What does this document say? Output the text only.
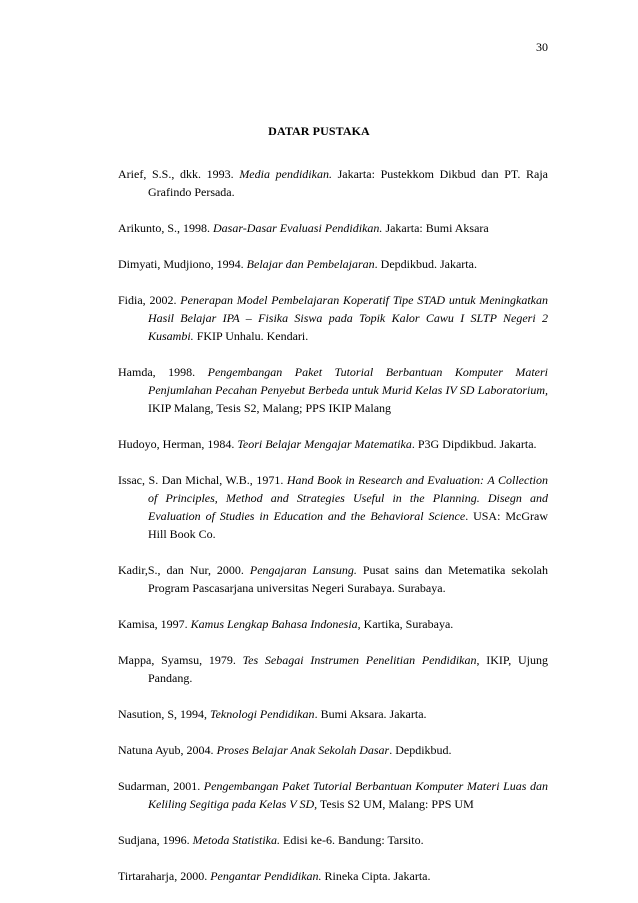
30
DATAR PUSTAKA

Arief, S.S., dkk. 1993. Media pendidikan. Jakarta: Pustekkom Dikbud dan PT. Raja Grafindo Persada.

Arikunto, S., 1998. Dasar-Dasar Evaluasi Pendidikan. Jakarta: Bumi Aksara

Dimyati, Mudjiono, 1994. Belajar dan Pembelajaran. Depdikbud. Jakarta.

Fidia, 2002. Penerapan Model Pembelajaran Koperatif Tipe STAD untuk Meningkatkan Hasil Belajar IPA – Fisika Siswa pada Topik Kalor Cawu I SLTP Negeri 2 Kusambi. FKIP Unhalu. Kendari.

Hamda, 1998. Pengembangan Paket Tutorial Berbantuan Komputer Materi Penjumlahan Pecahan Penyebut Berbeda untuk Murid Kelas IV SD Laboratorium, IKIP Malang, Tesis S2, Malang; PPS IKIP Malang

Hudoyo, Herman, 1984. Teori Belajar Mengajar Matematika. P3G Dipdikbud. Jakarta.

Issac, S. Dan Michal, W.B., 1971. Hand Book in Research and Evaluation: A Collection of Principles, Method and Strategies Useful in the Planning. Disegn and Evaluation of Studies in Education and the Behavioral Science. USA: McGraw Hill Book Co.

Kadir,S., dan Nur, 2000. Pengajaran Lansung. Pusat sains dan Metematika sekolah Program Pascasarjana universitas Negeri Surabaya. Surabaya.

Kamisa, 1997. Kamus Lengkap Bahasa Indonesia, Kartika, Surabaya.

Mappa, Syamsu, 1979. Tes Sebagai Instrumen Penelitian Pendidikan, IKIP, Ujung Pandang.

Nasution, S, 1994, Teknologi Pendidikan. Bumi Aksara. Jakarta.

Natuna Ayub, 2004. Proses Belajar Anak Sekolah Dasar. Depdikbud.

Sudarman, 2001. Pengembangan Paket Tutorial Berbantuan Komputer Materi Luas dan Keliling Segitiga pada Kelas V SD, Tesis S2 UM, Malang: PPS UM

Sudjana, 1996. Metoda Statistika. Edisi ke-6. Bandung: Tarsito.

Tirtaraharja, 2000. Pengantar Pendidikan. Rineka Cipta. Jakarta.
